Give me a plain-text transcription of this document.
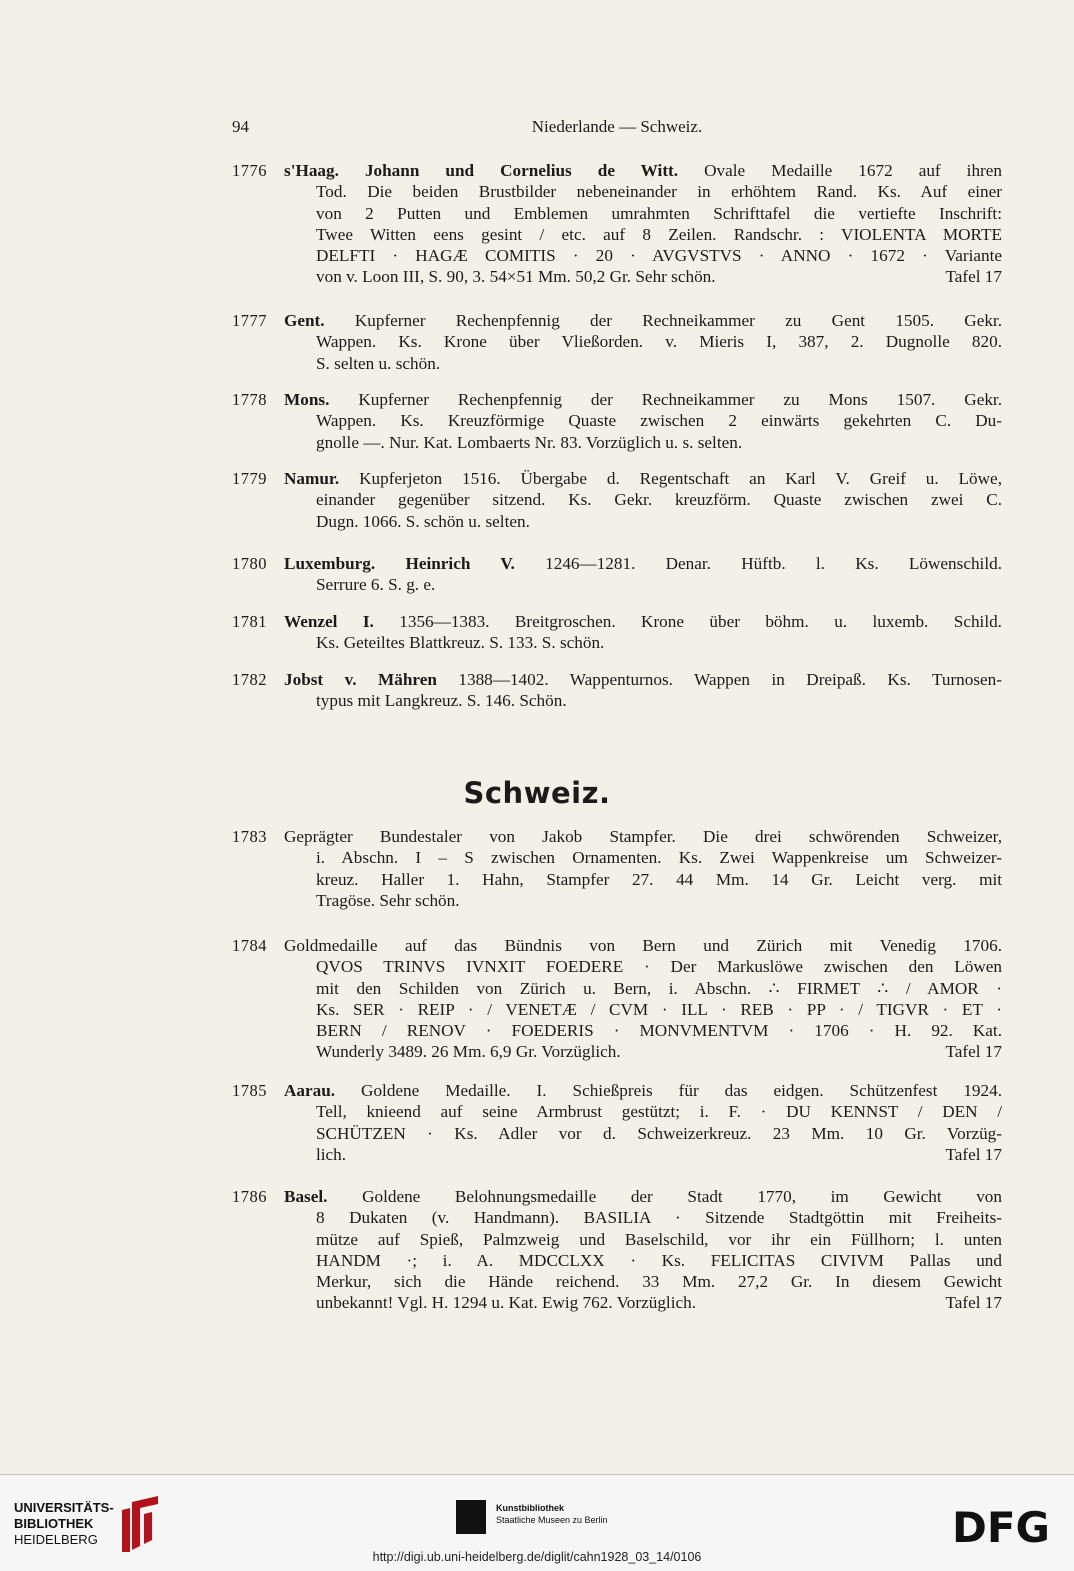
94	Niederlande — Schweiz.
1776 s'Haag. Johann und Cornelius de Witt. Ovale Medaille 1672 auf ihren
Tod. Die beiden Brustbilder nebeneinander in erhöhtem Rand. Ks. Auf einer
von 2 Putten und Emblemen umrahmten Schrifttafel die vertiefte Inschrift:
Twee Witten eens gesint / etc. auf 8 Zeilen. Randschr. : VIOLENTA MORTE
DELFTI · HAGÆ COMITIS · 20 · AVGVSTVS · ANNO · 1672 · Variante
von v. Loon III, S. 90, 3. 54×51 Mm. 50,2 Gr. Sehr schön.	Tafel 17
1777 Gent. Kupferner Rechenpfennig der Rechneikammer zu Gent 1505. Gekr.
Wappen. Ks. Krone über Vließorden. v. Mieris I, 387, 2. Dugnolle 820.
S. selten u. schön.
1778 Mons. Kupferner Rechenpfennig der Rechneikammer zu Mons 1507. Gekr.
Wappen. Ks. Kreuzförmige Quaste zwischen 2 einwärts gekehrten C. Du-
gnolle —. Nur. Kat. Lombaerts Nr. 83. Vorzüglich u. s. selten.
1779 Namur. Kupferjeton 1516. Übergabe d. Regentschaft an Karl V. Greif u. Löwe,
einander gegenüber sitzend. Ks. Gekr. kreuzförm. Quaste zwischen zwei C.
Dugn. 1066. S. schön u. selten.
1780 Luxemburg. Heinrich V. 1246—1281. Denar. Hüftb. l. Ks. Löwenschild.
Serrure 6. S. g. e.
1781 Wenzel I. 1356—1383. Breitgroschen. Krone über böhm. u. luxemb. Schild.
Ks. Geteiltes Blattkreuz. S. 133. S. schön.
1782 Jobst v. Mähren 1388—1402. Wappenturnos. Wappen in Dreipaß. Ks. Turnosen-
typus mit Langkreuz. S. 146. Schön.
1783 Geprägter Bundestaler von Jakob Stampfer. Die drei schwörenden Schweizer,
i. Abschn. I – S zwischen Ornamenten. Ks. Zwei Wappenkreise um Schweizer-
kreuz. Haller 1. Hahn, Stampfer 27. 44 Mm. 14 Gr. Leicht verg. mit
Tragöse. Sehr schön.
1784 Goldmedaille auf das Bündnis von Bern und Zürich mit Venedig 1706.
QVOS TRINVS IVNXIT FOEDERE · Der Markuslöwe zwischen den Löwen
mit den Schilden von Zürich u. Bern, i. Abschn. ∴ FIRMET ∴ / AMOR ·
Ks. SER · REIP · / VENETÆ / CVM · ILL · REB · PP · / TIGVR · ET ·
BERN / RENOV · FOEDERIS · MONVMENTVM · 1706 · H. 92. Kat.
Wunderly 3489. 26 Mm. 6,9 Gr. Vorzüglich.	Tafel 17
1785 Aarau. Goldene Medaille. I. Schießpreis für das eidgen. Schützenfest 1924.
Tell, knieend auf seine Armbrust gestützt; i. F. · DU KENNST / DEN /
SCHÜTZEN · Ks. Adler vor d. Schweizerkreuz. 23 Mm. 10 Gr. Vorzüg-
lich.	Tafel 17
1786 Basel. Goldene Belohnungsmedaille der Stadt 1770, im Gewicht von
8 Dukaten (v. Handmann). BASILIA · Sitzende Stadtgöttin mit Freiheits-
mütze auf Spieß, Palmzweig und Baselschild, vor ihr ein Füllhorn; l. unten
HANDM ·; i. A. MDCCLXX · Ks. FELICITAS CIVIVM Pallas und
Merkur, sich die Hände reichend. 33 Mm. 27,2 Gr. In diesem Gewicht
unbekannt! Vgl. H. 1294 u. Kat. Ewig 762. Vorzüglich.	Tafel 17
Schweiz.
UNIVERSITÄTS-
BIBLIOTHEK
HEIDELBERG
Kunstbibliothek
Staatliche Museen zu Berlin	DFG
http://digi.ub.uni-heidelberg.de/diglit/cahn1928_03_14/0106
